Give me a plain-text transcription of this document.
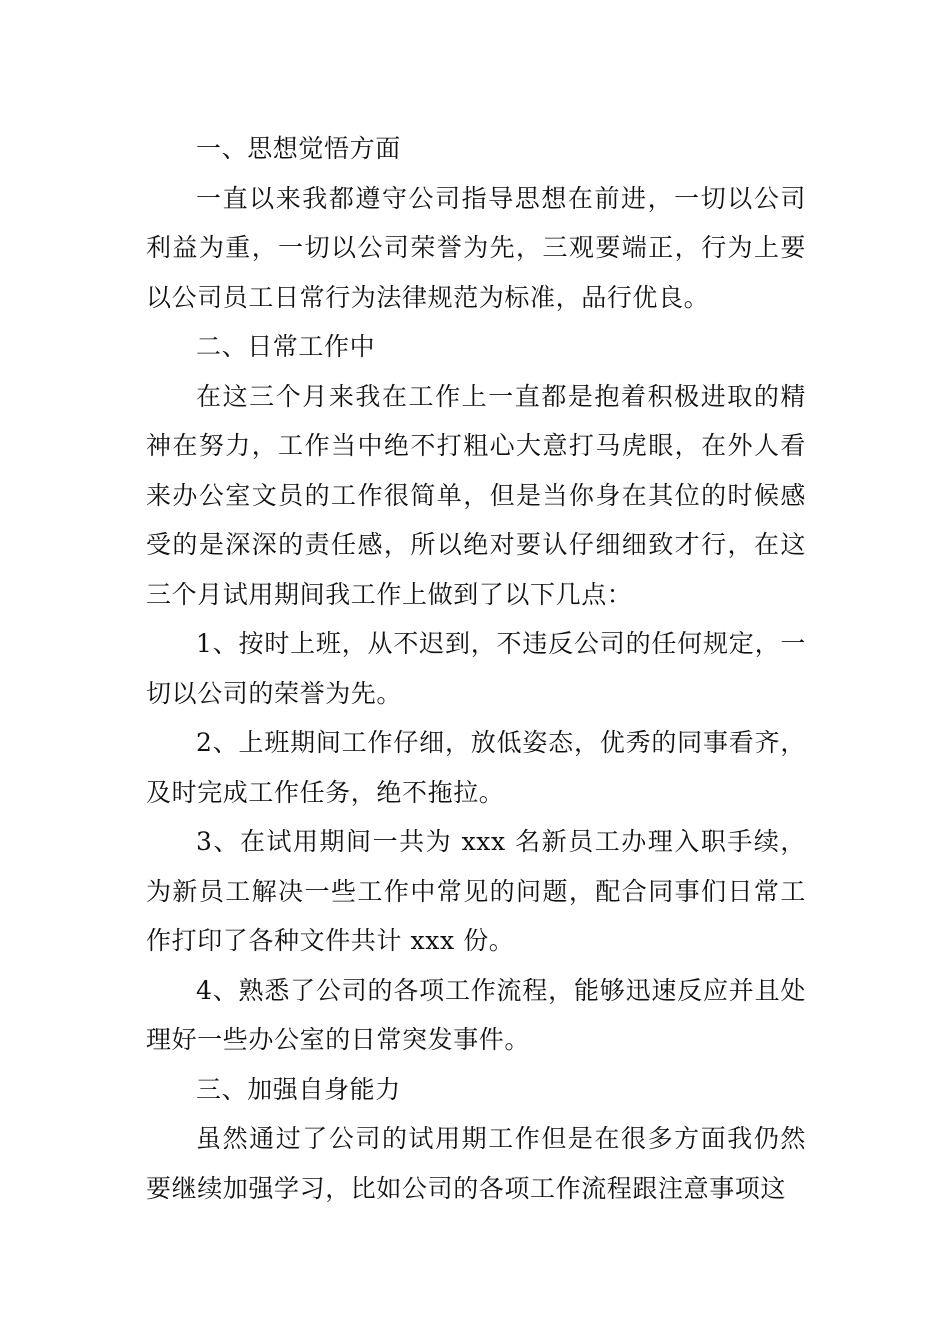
一、思想觉悟方面

一直以来我都遵守公司指导思想在前进，一切以公司利益为重，一切以公司荣誉为先，三观要端正，行为上要以公司员工日常行为法律规范为标准，品行优良。

二、日常工作中

在这三个月来我在工作上一直都是抱着积极进取的精神在努力，工作当中绝不打粗心大意打马虎眼，在外人看来办公室文员的工作很简单，但是当你身在其位的时候感受的是深深的责任感，所以绝对要认仔细细致才行，在这三个月试用期间我工作上做到了以下几点：

1、按时上班，从不迟到，不违反公司的任何规定，一切以公司的荣誉为先。

2、上班期间工作仔细，放低姿态，优秀的同事看齐，及时完成工作任务，绝不拖拉。

3、在试用期间一共为 xxx 名新员工办理入职手续，为新员工解决一些工作中常见的问题，配合同事们日常工作打印了各种文件共计 xxx 份。

4、熟悉了公司的各项工作流程，能够迅速反应并且处理好一些办公室的日常突发事件。

三、加强自身能力

虽然通过了公司的试用期工作但是在很多方面我仍然要继续加强学习，比如公司的各项工作流程跟注意事项这
